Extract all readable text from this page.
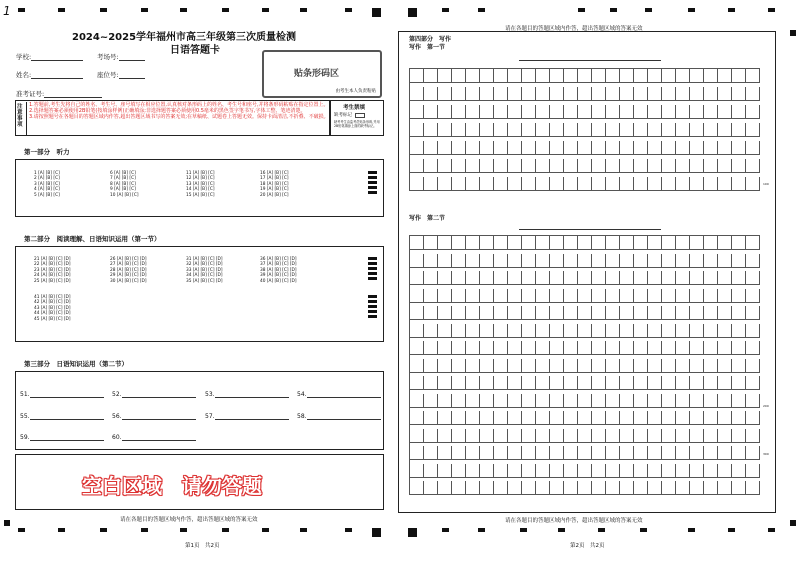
1
2024~2025学年福州市高三年级第三次质量检测
日语答题卡
学校:	考场号:
姓名:	座位号:
准考证号:
贴条形码区
由考生本人负责粘贴
注意事项
1.答题前,考生先将自己的姓名、考生号、座号填写在相应位置,认真核对条形码上的姓名、考生号和座号,并将条形码粘贴在指定位置上。
2.选择题答案必须使用2B铅笔(按填涂样例)正确填涂;非选择题答案必须使用0.5毫米的黑色签字笔书写,字体工整、笔迹清楚。
3.请按照题号在各题目的答题区域内作答,超出答题区域书写的答案无效;在草稿纸、试题卷上答题无效。保持卡面清洁,不折叠、不破损。
考生禁填
缺考标记
缺考考生由监考员贴条形码,并用2B铅笔填涂上面的缺考标记。
第一部分　听力
1 [A] [B] [C]
2 [A] [B] [C]
3 [A] [B] [C]
4 [A] [B] [C]
5 [A] [B] [C]
6 [A] [B] [C]
7 [A] [B] [C]
8 [A] [B] [C]
9 [A] [B] [C]
10 [A] [B] [C]
11 [A] [B] [C]
12 [A] [B] [C]
13 [A] [B] [C]
14 [A] [B] [C]
15 [A] [B] [C]
16 [A] [B] [C]
17 [A] [B] [C]
18 [A] [B] [C]
19 [A] [B] [C]
20 [A] [B] [C]
第二部分　阅读理解、日语知识运用（第一节）
21 [A] [B] [C] [D]
22 [A] [B] [C] [D]
23 [A] [B] [C] [D]
24 [A] [B] [C] [D]
25 [A] [B] [C] [D]
26 [A] [B] [C] [D]
27 [A] [B] [C] [D]
28 [A] [B] [C] [D]
29 [A] [B] [C] [D]
30 [A] [B] [C] [D]
31 [A] [B] [C] [D]
32 [A] [B] [C] [D]
33 [A] [B] [C] [D]
34 [A] [B] [C] [D]
35 [A] [B] [C] [D]
36 [A] [B] [C] [D]
37 [A] [B] [C] [D]
38 [A] [B] [C] [D]
39 [A] [B] [C] [D]
40 [A] [B] [C] [D]
41 [A] [B] [C] [D]
42 [A] [B] [C] [D]
43 [A] [B] [C] [D]
44 [A] [B] [C] [D]
45 [A] [B] [C] [D]
第三部分　日语知识运用（第二节）
51.	52.	53.	54.
55.	56.	57.	58.
59.	60.
空白区域　请勿答题
请在各题目的答题区域内作答，超出答题区域的答案无效
第1页　共2页
请在各题目的答题区域内作答，超出答题区域的答案无效
第四部分　写作
写作　第一节
100
写作　第二节
200
300
请在各题目的答题区域内作答，超出答题区域的答案无效
第2页　共2页
